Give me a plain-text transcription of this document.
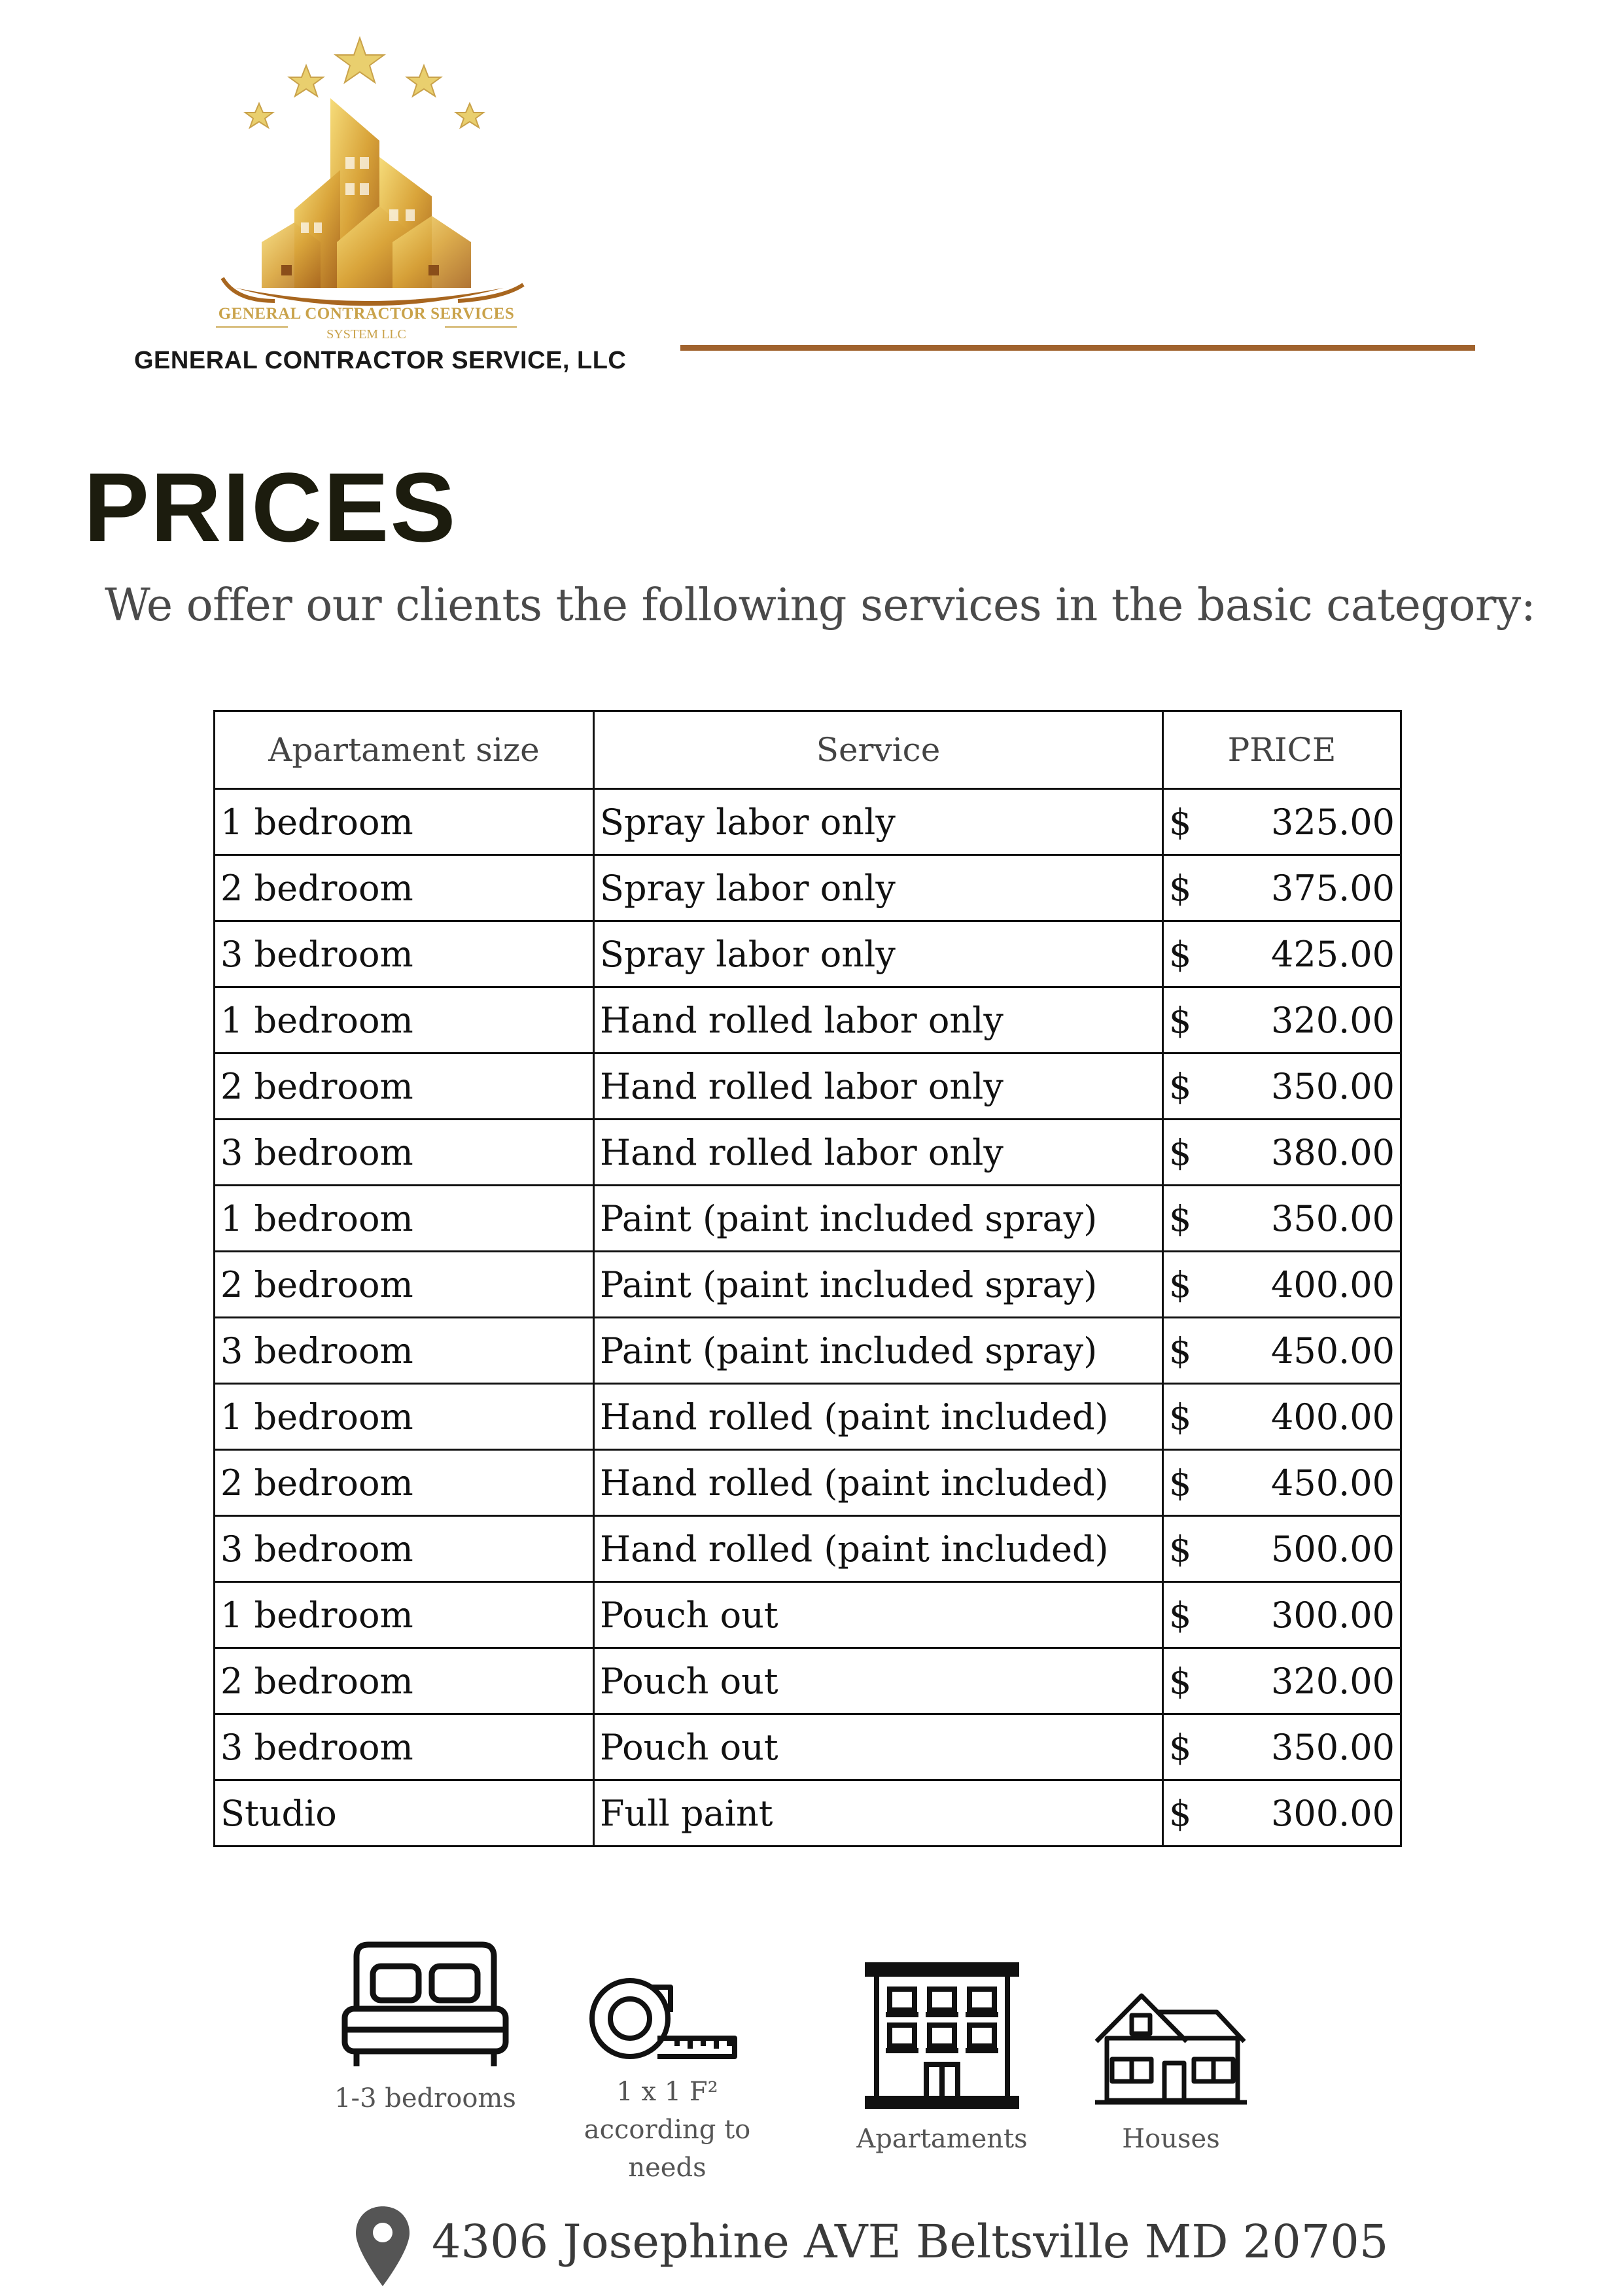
GENERAL CONTRACTOR SERVICES
SYSTEM LLC
GENERAL CONTRACTOR SERVICE, LLC
PRICES
We offer our clients the following services in the basic category:
Apartament size	Service	PRICE
1 bedroom	Spray labor only	$ 325.00

2 bedroom	Spray labor only	$ 375.00

3 bedroom	Spray labor only	$ 425.00

1 bedroom	Hand rolled labor only	$ 320.00

2 bedroom	Hand rolled labor only	$ 350.00

3 bedroom	Hand rolled labor only	$ 380.00

1 bedroom	Paint (paint included spray)	$ 350.00

2 bedroom	Paint (paint included spray)	$ 400.00

3 bedroom	Paint (paint included spray)	$ 450.00

1 bedroom	Hand rolled (paint included)	$ 400.00

2 bedroom	Hand rolled (paint included)	$ 450.00

3 bedroom	Hand rolled (paint included)	$ 500.00

1 bedroom	Pouch out	$ 300.00

2 bedroom	Pouch out	$ 320.00

3 bedroom	Pouch out	$ 350.00

Studio	Full paint	$ 300.00
1-3 bedrooms	1 x 1 F²
according to
needs
Apartaments	Houses
4306 Josephine AVE Beltsville MD 20705
